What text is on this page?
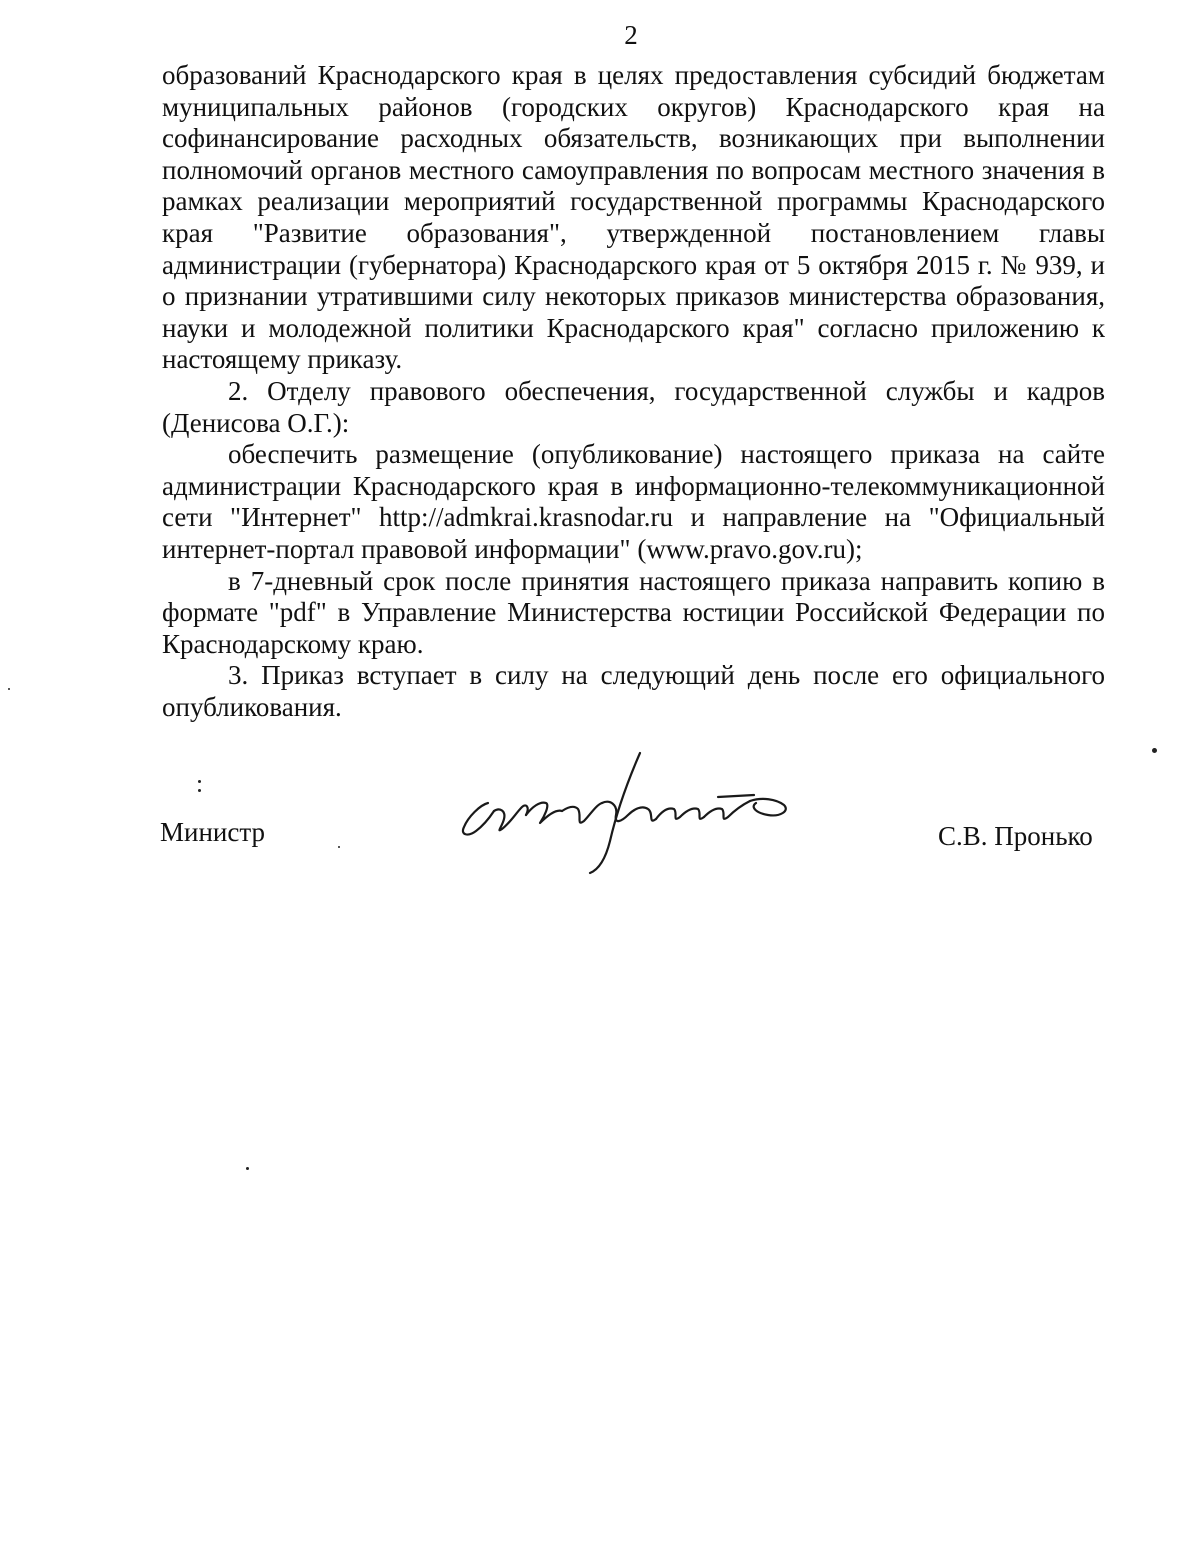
2

образований Краснодарского края в целях предоставления субсидий бюджетам муниципальных районов (городских округов) Краснодарского края на софинансирование расходных обязательств, возникающих при выполнении полномочий органов местного самоуправления по вопросам местного значения в рамках реализации мероприятий государственной программы Краснодарского края "Развитие образования", утвержденной постановлением главы администрации (губернатора) Краснодарского края от 5 октября 2015 г. № 939, и о признании утратившими силу некоторых приказов министерства образования, науки и молодежной политики Краснодарского края" согласно приложению к настоящему приказу.

2. Отделу правового обеспечения, государственной службы и кадров (Денисова О.Г.):

обеспечить размещение (опубликование) настоящего приказа на сайте администрации Краснодарского края в информационно-телекоммуникационной сети "Интернет" http://admkrai.krasnodar.ru и направление на "Официальный интернет-портал правовой информации" (www.pravo.gov.ru);

в 7-дневный срок после принятия настоящего приказа направить копию в формате "pdf" в Управление Министерства юстиции Российской Федерации по Краснодарскому краю.

3. Приказ вступает в силу на следующий день после его официального опубликования.

Министр	С.В. Пронько
